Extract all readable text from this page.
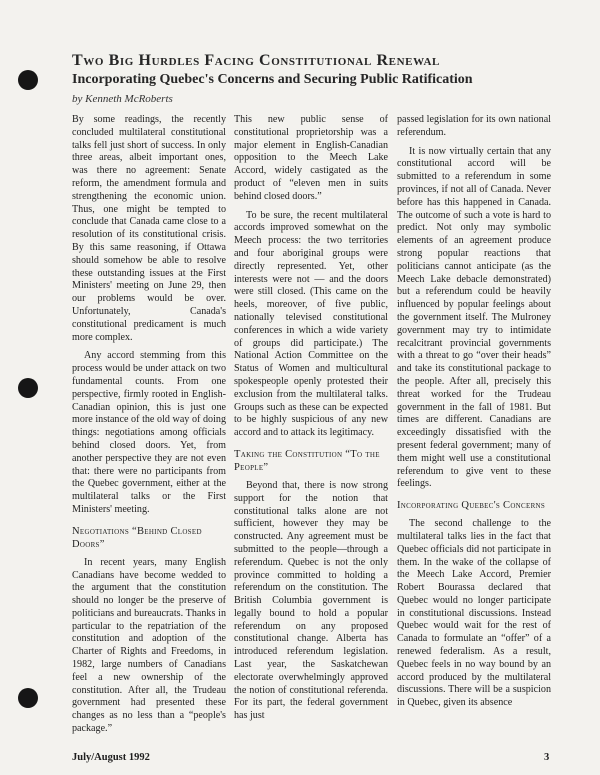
Two Big Hurdles Facing Constitutional Renewal
Incorporating Quebec's Concerns and Securing Public Ratification

by Kenneth McRoberts

By some readings, the recently concluded multilateral constitutional talks fell just short of success. In only three areas, albeit important ones, was there no agreement: Senate reform, the amendment formula and strengthening the economic union. Thus, one might be tempted to conclude that Canada came close to a resolution of its constitutional crisis. By this same reasoning, if Ottawa should somehow be able to resolve these outstanding issues at the First Ministers' meeting on June 29, then our problems would be over. Unfortunately, Canada's constitutional predicament is much more complex.

Any accord stemming from this process would be under attack on two fundamental counts. From one perspective, firmly rooted in English-Canadian opinion, this is just one more instance of the old way of doing things: negotiations among officials behind closed doors. Yet, from another perspective they are not even that: there were no participants from the Quebec government, either at the multilateral talks or the First Ministers' meeting.

Negotiations “Behind Closed Doors”

In recent years, many English Canadians have become wedded to the argument that the constitution should no longer be the preserve of politicians and bureaucrats. Thanks in particular to the repatriation of the constitution and adoption of the Charter of Rights and Freedoms, in 1982, large numbers of Canadians feel a new ownership of the constitution. After all, the Trudeau government had presented these changes as no less than a “people's package.”

This new public sense of constitutional proprietorship was a major element in English-Canadian opposition to the Meech Lake Accord, widely castigated as the product of “eleven men in suits behind closed doors.”

To be sure, the recent multilateral accords improved somewhat on the Meech process: the two territories and four aboriginal groups were directly represented. Yet, other interests were not — and the doors were still closed. (This came on the heels, moreover, of five public, nationally televised constitutional conferences in which a wide variety of groups did participate.) The National Action Committee on the Status of Women and multicultural spokespeople openly protested their exclusion from the multilateral talks. Groups such as these can be expected to be highly suspicious of any new accord and to attack its legitimacy.

Taking the Constitution “To the People”

Beyond that, there is now strong support for the notion that constitutional talks alone are not sufficient, however they may be constructed. Any agreement must be submitted to the people—through a referendum. Quebec is not the only province committed to holding a referendum on the constitution. The British Columbia government is legally bound to hold a popular referendum on any proposed constitutional change. Alberta has introduced referendum legislation. Last year, the Saskatchewan electorate overwhelmingly approved the notion of constitutional referenda. For its part, the federal government has just

passed legislation for its own national referendum.

It is now virtually certain that any constitutional accord will be submitted to a referendum in some provinces, if not all of Canada. Never before has this happened in Canada. The outcome of such a vote is hard to predict. Not only may symbolic elements of an agreement produce strong popular reactions that politicians cannot anticipate (as the Meech Lake debacle demonstrated) but a referendum could be heavily influenced by popular feelings about the government itself. The Mulroney government may try to intimidate recalcitrant provincial governments with a threat to go “over their heads” and take its constitutional package to the people. After all, precisely this threat worked for the Trudeau government in the fall of 1981. But times are different. Canadians are exceedingly dissatisfied with the present federal government; many of them might well use a constitutional referendum to give vent to these feelings.

Incorporating Quebec's Concerns

The second challenge to the multilateral talks lies in the fact that Quebec officials did not participate in them. In the wake of the collapse of the Meech Lake Accord, Premier Robert Bourassa declared that Quebec would no longer participate in constitutional discussions. Instead Quebec would wait for the rest of Canada to formulate an “offer” of a renewed federalism. As a result, Quebec feels in no way bound by an accord produced by the multilateral discussions. There will be a suspicion in Quebec, given its absence

July/August 1992	3
